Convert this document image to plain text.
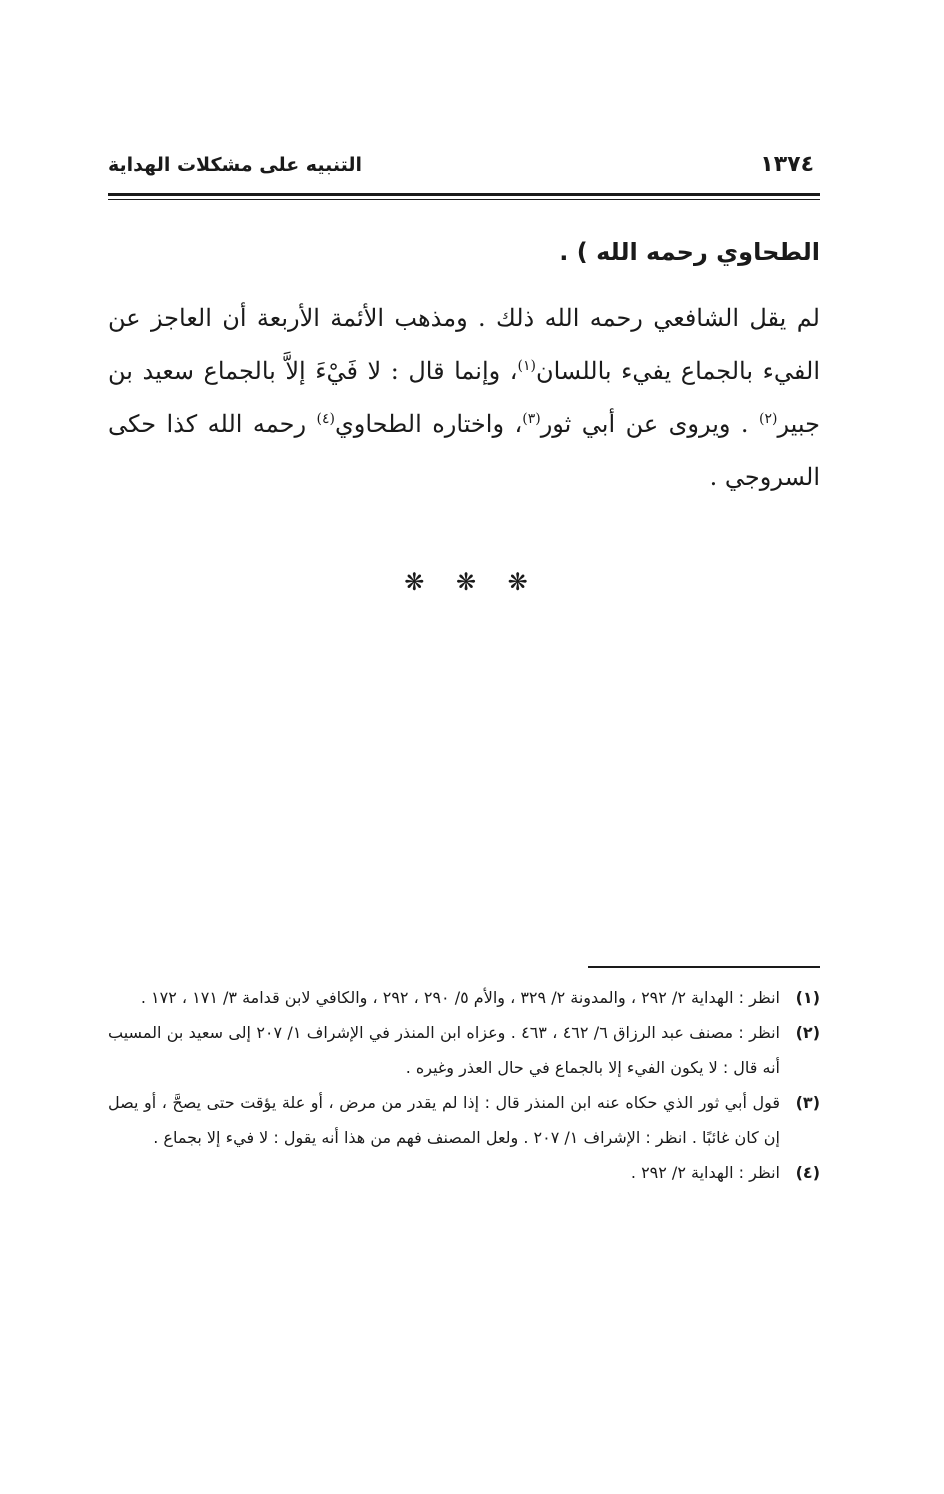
التنبيه على مشكلات الهداية	١٣٧٤

الطحاوي رحمه الله ) .

لم يقل الشافعي رحمه الله ذلك . ومذهب الأئمة الأربعة أن العاجز عن الفيء بالجماع يفيء باللسان$^{(١)}$، وإنما قال : لا فَيْءَ إلاَّ بالجماع سعيد بن جبير$^{(٢)}$ . ويروى عن أبي ثور$^{(٣)}$، واختاره الطحاوي$^{(٤)}$ رحمه الله كذا حكى السروجي .

❋ ❋ ❋

(١)
انظر : الهداية ٢/ ٢٩٢ ، والمدونة ٢/ ٣٢٩ ، والأم ٥/ ٢٩٠ ، ٢٩٢ ، والكافي لابن قدامة ٣/ ١٧١ ، ١٧٢ .

(٢)
انظر : مصنف عبد الرزاق ٦/ ٤٦٢ ، ٤٦٣ . وعزاه ابن المنذر في الإشراف ١/ ٢٠٧ إلى سعيد بن المسيب أنه قال : لا يكون الفيء إلا بالجماع في حال العذر وغيره .

(٣)
قول أبي ثور الذي حكاه عنه ابن المنذر قال : إذا لم يقدر من مرض ، أو علة يؤقت حتى يصحَّ ، أو يصل إن كان غائبًا . انظر : الإشراف ١/ ٢٠٧ . ولعل المصنف فهم من هذا أنه يقول : لا فيء إلا بجماع .

(٤)
انظر : الهداية ٢/ ٢٩٢ .
